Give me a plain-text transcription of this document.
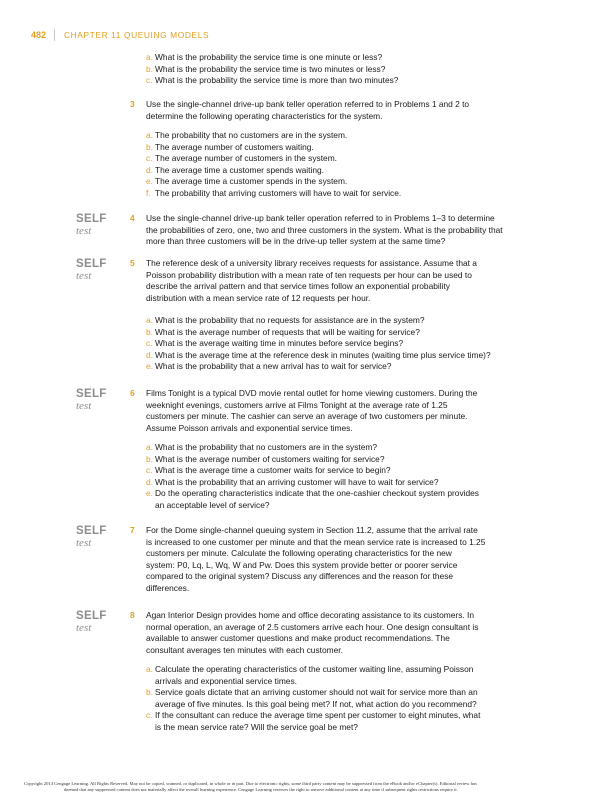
482	CHAPTER 11 QUEUING MODELS
a. What is the probability the service time is one minute or less?
b. What is the probability the service time is two minutes or less?
c. What is the probability the service time is more than two minutes?
3 Use the single-channel drive-up bank teller operation referred to in Problems 1 and 2 to
determine the following operating characteristics for the system.
a. The probability that no customers are in the system.
b. The average number of customers waiting.
c. The average number of customers in the system.
d. The average time a customer spends waiting.
e. The average time a customer spends in the system.
f. The probability that arriving customers will have to wait for service.
SELF
test
4 Use the single-channel drive-up bank teller operation referred to in Problems 1–3 to determine
the probabilities of zero, one, two and three customers in the system. What is the probability that
more than three customers will be in the drive-up teller system at the same time?
SELF
test
5 The reference desk of a university library receives requests for assistance. Assume that a
Poisson probability distribution with a mean rate of ten requests per hour can be used to
describe the arrival pattern and that service times follow an exponential probability
distribution with a mean service rate of 12 requests per hour.
a. What is the probability that no requests for assistance are in the system?
b. What is the average number of requests that will be waiting for service?
c. What is the average waiting time in minutes before service begins?
d. What is the average time at the reference desk in minutes (waiting time plus service time)?
e. What is the probability that a new arrival has to wait for service?
SELF
test
6 Films Tonight is a typical DVD movie rental outlet for home viewing customers. During the
weeknight evenings, customers arrive at Films Tonight at the average rate of 1.25
customers per minute. The cashier can serve an average of two customers per minute.
Assume Poisson arrivals and exponential service times.
a. What is the probability that no customers are in the system?
b. What is the average number of customers waiting for service?
c. What is the average time a customer waits for service to begin?
d. What is the probability that an arriving customer will have to wait for service?
e. Do the operating characteristics indicate that the one-cashier checkout system provides
an acceptable level of service?
SELF
test
7 For the Dome single-channel queuing system in Section 11.2, assume that the arrival rate
is increased to one customer per minute and that the mean service rate is increased to 1.25
customers per minute. Calculate the following operating characteristics for the new
system: P0, Lq, L, Wq, W and Pw. Does this system provide better or poorer service
compared to the original system? Discuss any differences and the reason for these
differences.
SELF
test
8 Agan Interior Design provides home and office decorating assistance to its customers. In
normal operation, an average of 2.5 customers arrive each hour. One design consultant is
available to answer customer questions and make product recommendations. The
consultant averages ten minutes with each customer.
a. Calculate the operating characteristics of the customer waiting line, assuming Poisson
arrivals and exponential service times.
b. Service goals dictate that an arriving customer should not wait for service more than an
average of five minutes. Is this goal being met? If not, what action do you recommend?
c. If the consultant can reduce the average time spent per customer to eight minutes, what
is the mean service rate? Will the service goal be met?
Copyright 2014 Cengage Learning. All Rights Reserved. May not be copied, scanned, or duplicated, in whole or in part. Due to electronic rights, some third party content may be suppressed from the eBook and/or eChapter(s). Editorial review has
deemed that any suppressed content does not materially affect the overall learning experience. Cengage Learning reserves the right to remove additional content at any time if subsequent rights restrictions require it.
